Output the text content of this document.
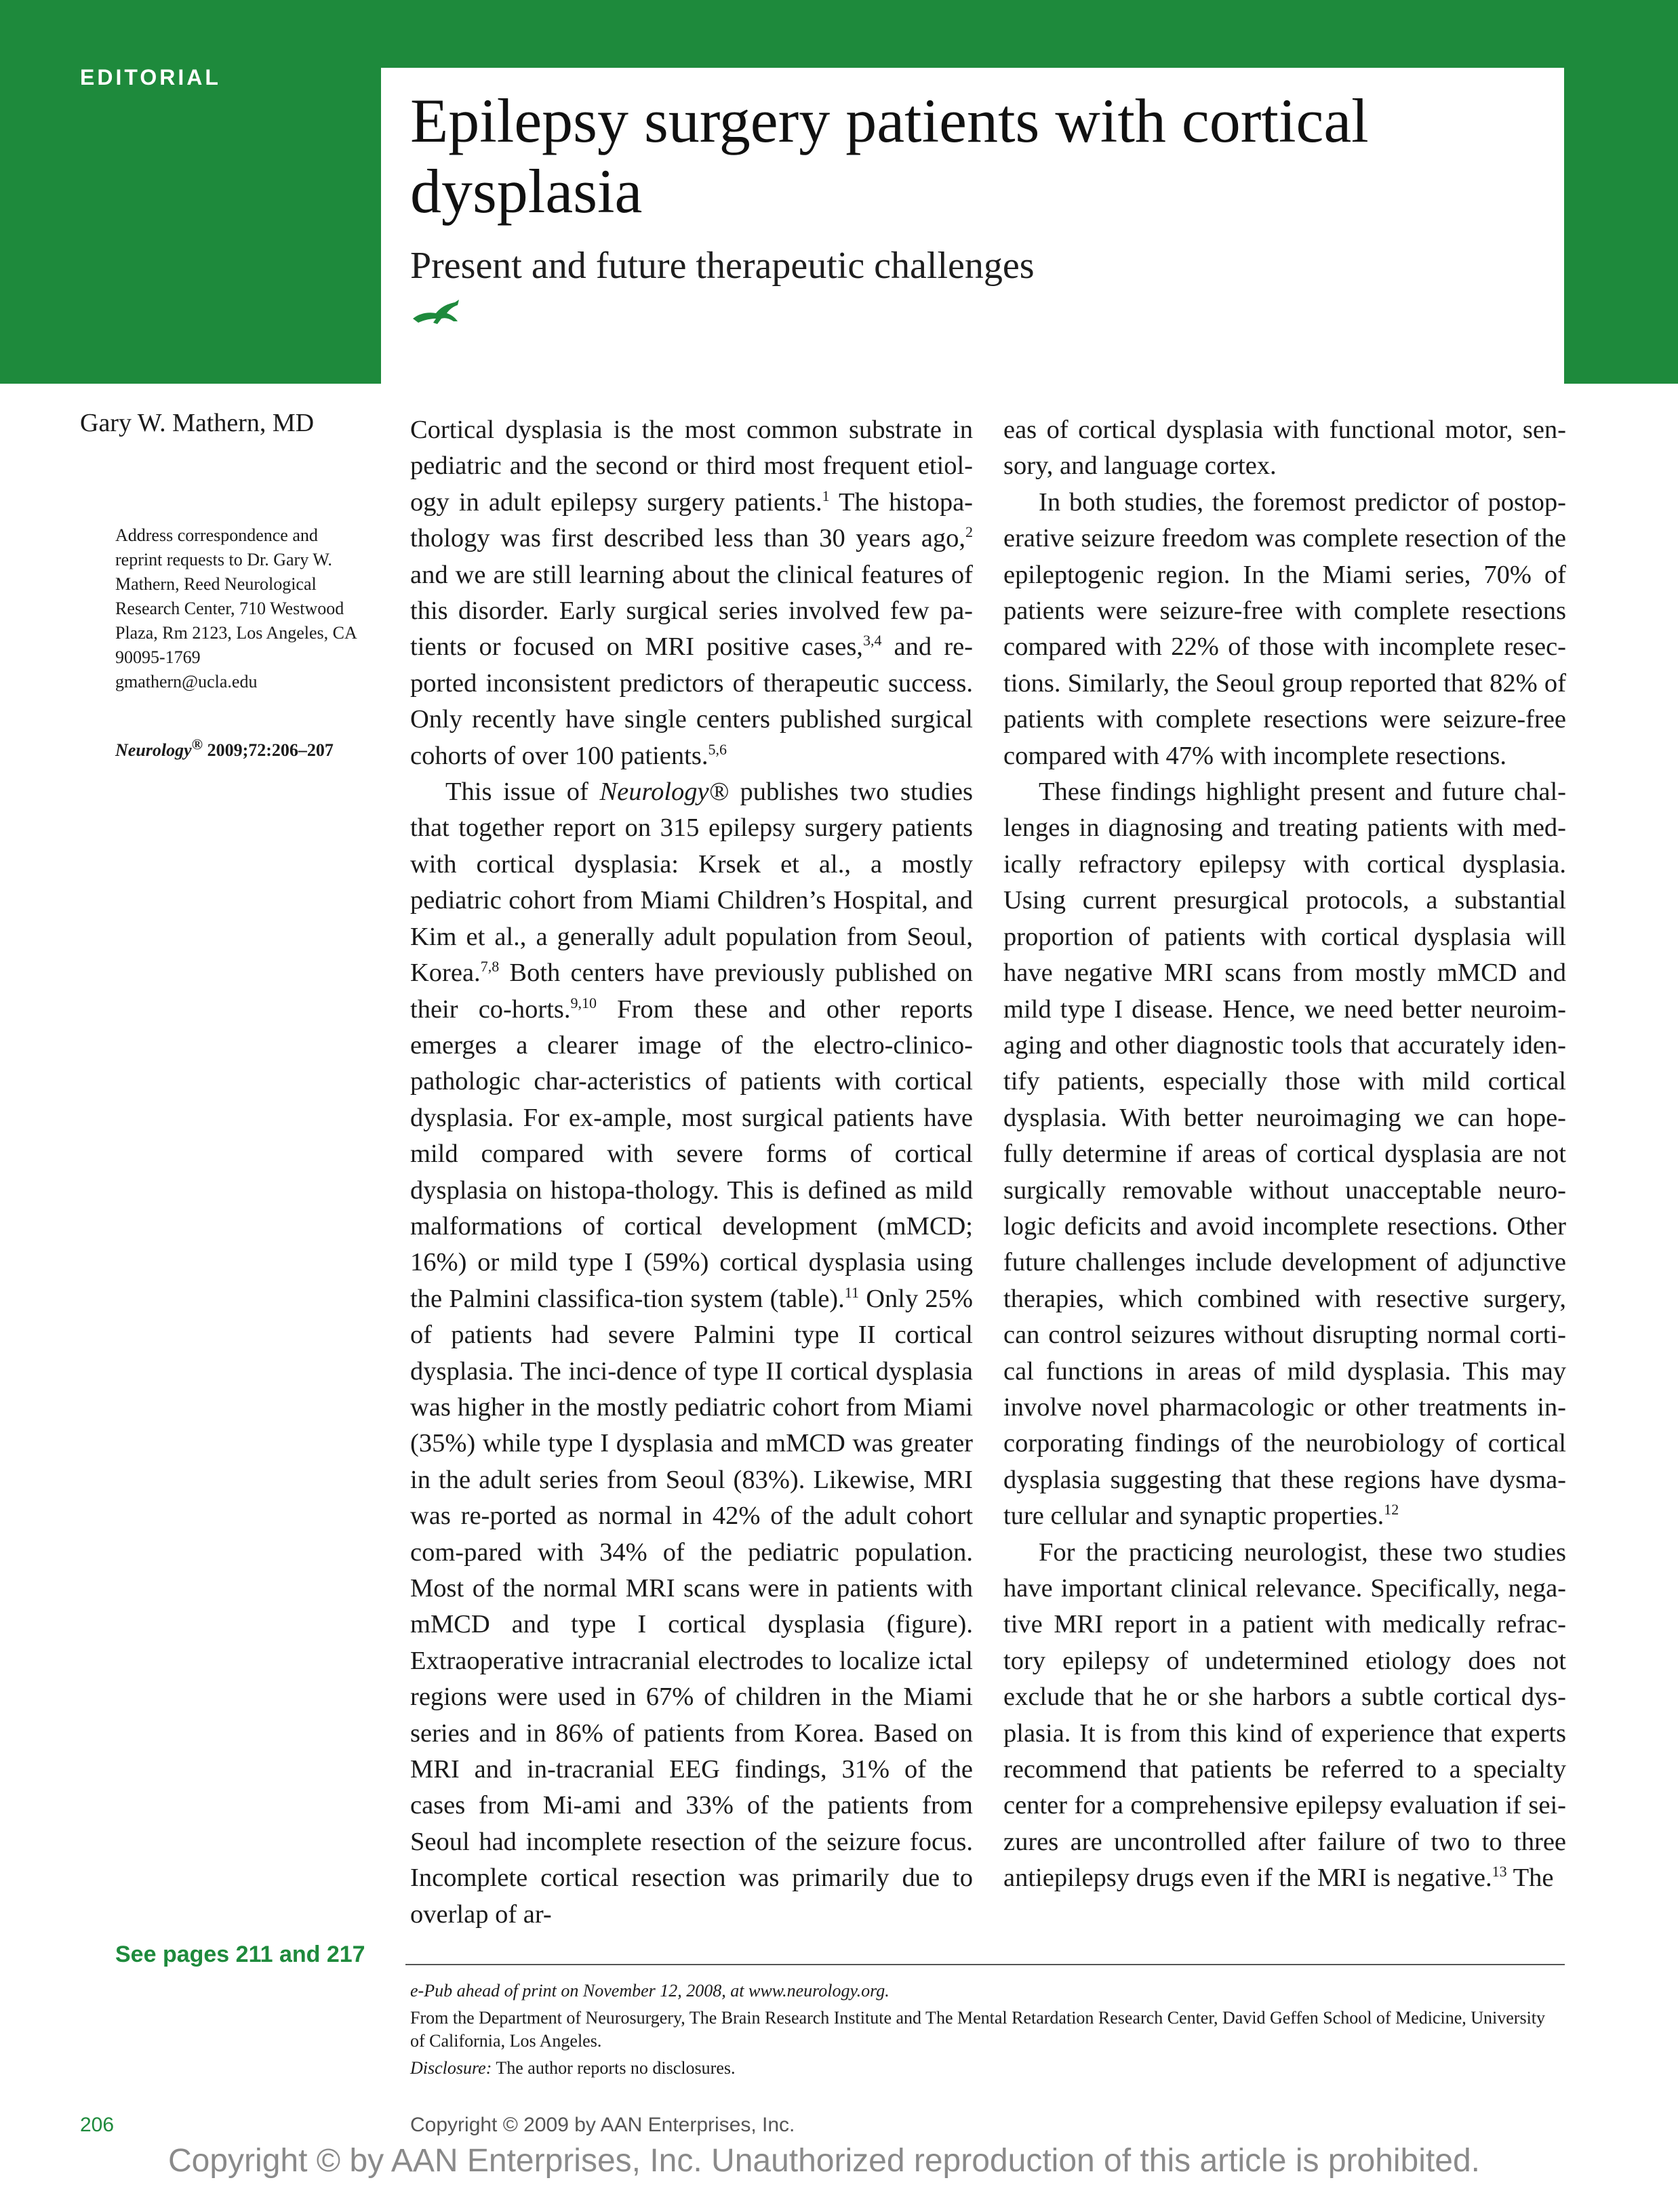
EDITORIAL
Epilepsy surgery patients with cortical dysplasia
Present and future therapeutic challenges
Gary W. Mathern, MD
Address correspondence and
reprint requests to Dr. Gary W.
Mathern, Reed Neurological
Research Center, 710 Westwood
Plaza, Rm 2123, Los Angeles, CA
90095-1769
gmathern@ucla.edu
Neurology® 2009;72:206–207

Cortical dysplasia is the most common substrate in pediatric and the second or third most frequent etiol-ogy in adult epilepsy surgery patients.$^1$ The histopa-thology was first described less than 30 years ago,$^2$ and we are still learning about the clinical features of this disorder. Early surgical series involved few pa-tients or focused on MRI positive cases,$^{3,4}$ and re-ported inconsistent predictors of therapeutic success. Only recently have single centers published surgical cohorts of over 100 patients.$^{5,6}$

This issue of Neurology® publishes two studies that together report on 315 epilepsy surgery patients with cortical dysplasia: Krsek et al., a mostly pediatric cohort from Miami Children’s Hospital, and Kim et al., a generally adult population from Seoul, Korea.$^{7,8}$ Both centers have previously published on their co-horts.$^{9,10}$ From these and other reports emerges a clearer image of the electro-clinico-pathologic char-acteristics of patients with cortical dysplasia. For ex-ample, most surgical patients have mild compared with severe forms of cortical dysplasia on histopa-thology. This is defined as mild malformations of cortical development (mMCD; 16%) or mild type I (59%) cortical dysplasia using the Palmini classifica-tion system (table).$^{11}$ Only 25% of patients had severe Palmini type II cortical dysplasia. The inci-dence of type II cortical dysplasia was higher in the mostly pediatric cohort from Miami (35%) while type I dysplasia and mMCD was greater in the adult series from Seoul (83%). Likewise, MRI was re-ported as normal in 42% of the adult cohort com-pared with 34% of the pediatric population. Most of the normal MRI scans were in patients with mMCD and type I cortical dysplasia (figure). Extraoperative intracranial electrodes to localize ictal regions were used in 67% of children in the Miami series and in 86% of patients from Korea. Based on MRI and in-tracranial EEG findings, 31% of the cases from Mi-ami and 33% of the patients from Seoul had incomplete resection of the seizure focus. Incomplete cortical resection was primarily due to overlap of ar-

eas of cortical dysplasia with functional motor, sen-sory, and language cortex.

In both studies, the foremost predictor of postop-erative seizure freedom was complete resection of the epileptogenic region. In the Miami series, 70% of patients were seizure-free with complete resections compared with 22% of those with incomplete resec-tions. Similarly, the Seoul group reported that 82% of patients with complete resections were seizure-free compared with 47% with incomplete resections.

These findings highlight present and future chal-lenges in diagnosing and treating patients with med-ically refractory epilepsy with cortical dysplasia. Using current presurgical protocols, a substantial proportion of patients with cortical dysplasia will have negative MRI scans from mostly mMCD and mild type I disease. Hence, we need better neuroim-aging and other diagnostic tools that accurately iden-tify patients, especially those with mild cortical dysplasia. With better neuroimaging we can hope-fully determine if areas of cortical dysplasia are not surgically removable without unacceptable neuro-logic deficits and avoid incomplete resections. Other future challenges include development of adjunctive therapies, which combined with resective surgery, can control seizures without disrupting normal corti-cal functions in areas of mild dysplasia. This may involve novel pharmacologic or other treatments in-corporating findings of the neurobiology of cortical dysplasia suggesting that these regions have dysma-ture cellular and synaptic properties.$^{12}$

For the practicing neurologist, these two studies have important clinical relevance. Specifically, nega-tive MRI report in a patient with medically refrac-tory epilepsy of undetermined etiology does not exclude that he or she harbors a subtle cortical dys-plasia. It is from this kind of experience that experts recommend that patients be referred to a specialty center for a comprehensive epilepsy evaluation if sei-zures are uncontrolled after failure of two to three antiepilepsy drugs even if the MRI is negative.$^{13}$ The

See pages 211 and 217
e-Pub ahead of print on November 12, 2008, at www.neurology.org.
From the Department of Neurosurgery, The Brain Research Institute and The Mental Retardation Research Center, David Geffen School of Medicine, University of California, Los Angeles.
Disclosure: The author reports no disclosures.
206	Copyright © 2009 by AAN Enterprises, Inc.
Copyright © by AAN Enterprises, Inc. Unauthorized reproduction of this article is prohibited.
